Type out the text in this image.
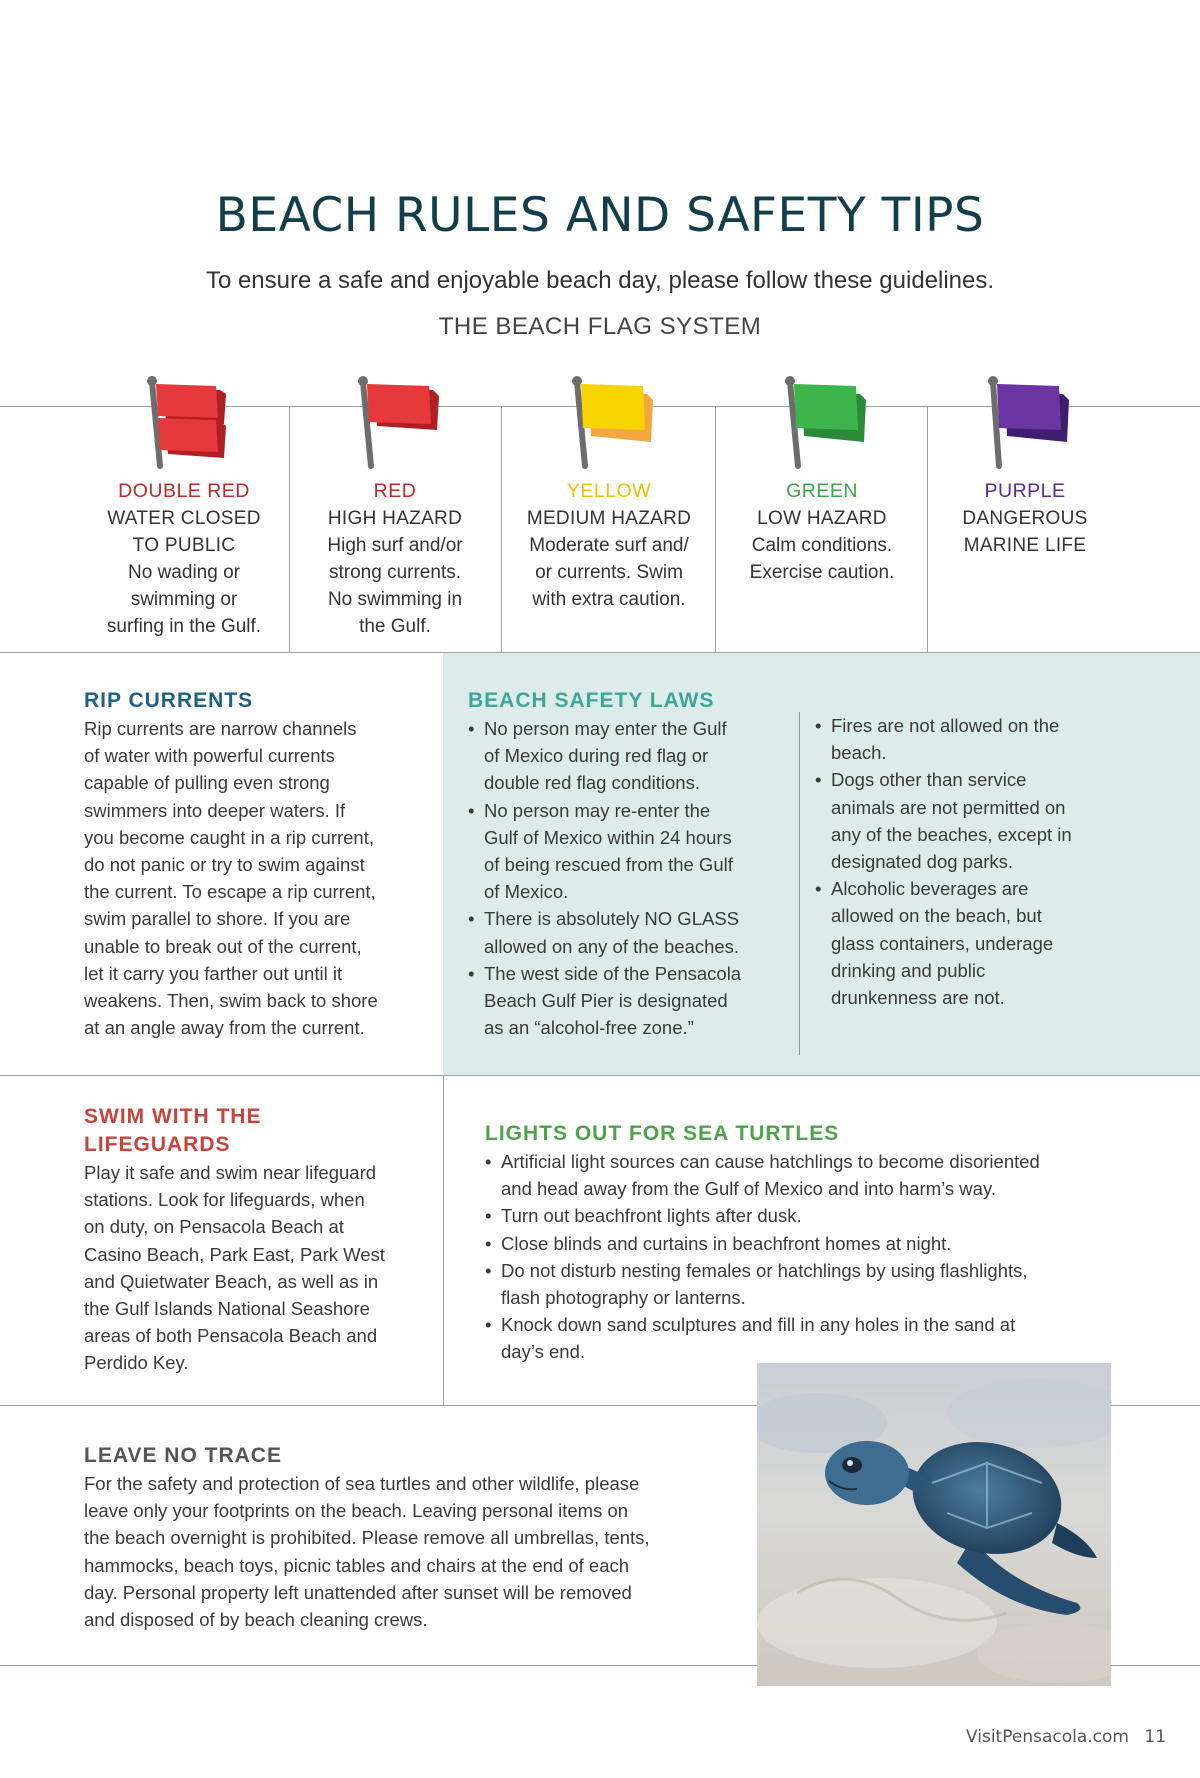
BEACH RULES AND SAFETY TIPS
To ensure a safe and enjoyable beach day, please follow these guidelines.
THE BEACH FLAG SYSTEM
DOUBLE RED
WATER CLOSED
TO PUBLIC
No wading or
swimming or
surfing in the Gulf.
RED
HIGH HAZARD
High surf and/or
strong currents.
No swimming in
the Gulf.
YELLOW
MEDIUM HAZARD
Moderate surf and/
or currents. Swim
with extra caution.
GREEN
LOW HAZARD
Calm conditions.
Exercise caution.
PURPLE
DANGEROUS
MARINE LIFE
RIP CURRENTS
Rip currents are narrow channels
of water with powerful currents
capable of pulling even strong
swimmers into deeper waters. If
you become caught in a rip current,
do not panic or try to swim against
the current. To escape a rip current,
swim parallel to shore. If you are
unable to break out of the current,
let it carry you farther out until it
weakens. Then, swim back to shore
at an angle away from the current.
BEACH SAFETY LAWS
• No person may enter the Gulf
of Mexico during red flag or
double red flag conditions.
• No person may re-enter the
Gulf of Mexico within 24 hours
of being rescued from the Gulf
of Mexico.
• There is absolutely NO GLASS
allowed on any of the beaches.
• The west side of the Pensacola
Beach Gulf Pier is designated
as an “alcohol-free zone.”
• Fires are not allowed on the
beach.
• Dogs other than service
animals are not permitted on
any of the beaches, except in
designated dog parks.
• Alcoholic beverages are
allowed on the beach, but
glass containers, underage
drinking and public
drunkenness are not.
SWIM WITH THE
LIFEGUARDS
Play it safe and swim near lifeguard
stations. Look for lifeguards, when
on duty, on Pensacola Beach at
Casino Beach, Park East, Park West
and Quietwater Beach, as well as in
the Gulf Islands National Seashore
areas of both Pensacola Beach and
Perdido Key.
LIGHTS OUT FOR SEA TURTLES
• Artificial light sources can cause hatchlings to become disoriented
and head away from the Gulf of Mexico and into harm’s way.
• Turn out beachfront lights after dusk.
• Close blinds and curtains in beachfront homes at night.
• Do not disturb nesting females or hatchlings by using flashlights,
flash photography or lanterns.
• Knock down sand sculptures and fill in any holes in the sand at
day’s end.
LEAVE NO TRACE
For the safety and protection of sea turtles and other wildlife, please
leave only your footprints on the beach. Leaving personal items on
the beach overnight is prohibited. Please remove all umbrellas, tents,
hammocks, beach toys, picnic tables and chairs at the end of each
day. Personal property left unattended after sunset will be removed
and disposed of by beach cleaning crews.
VisitPensacola.com 11
